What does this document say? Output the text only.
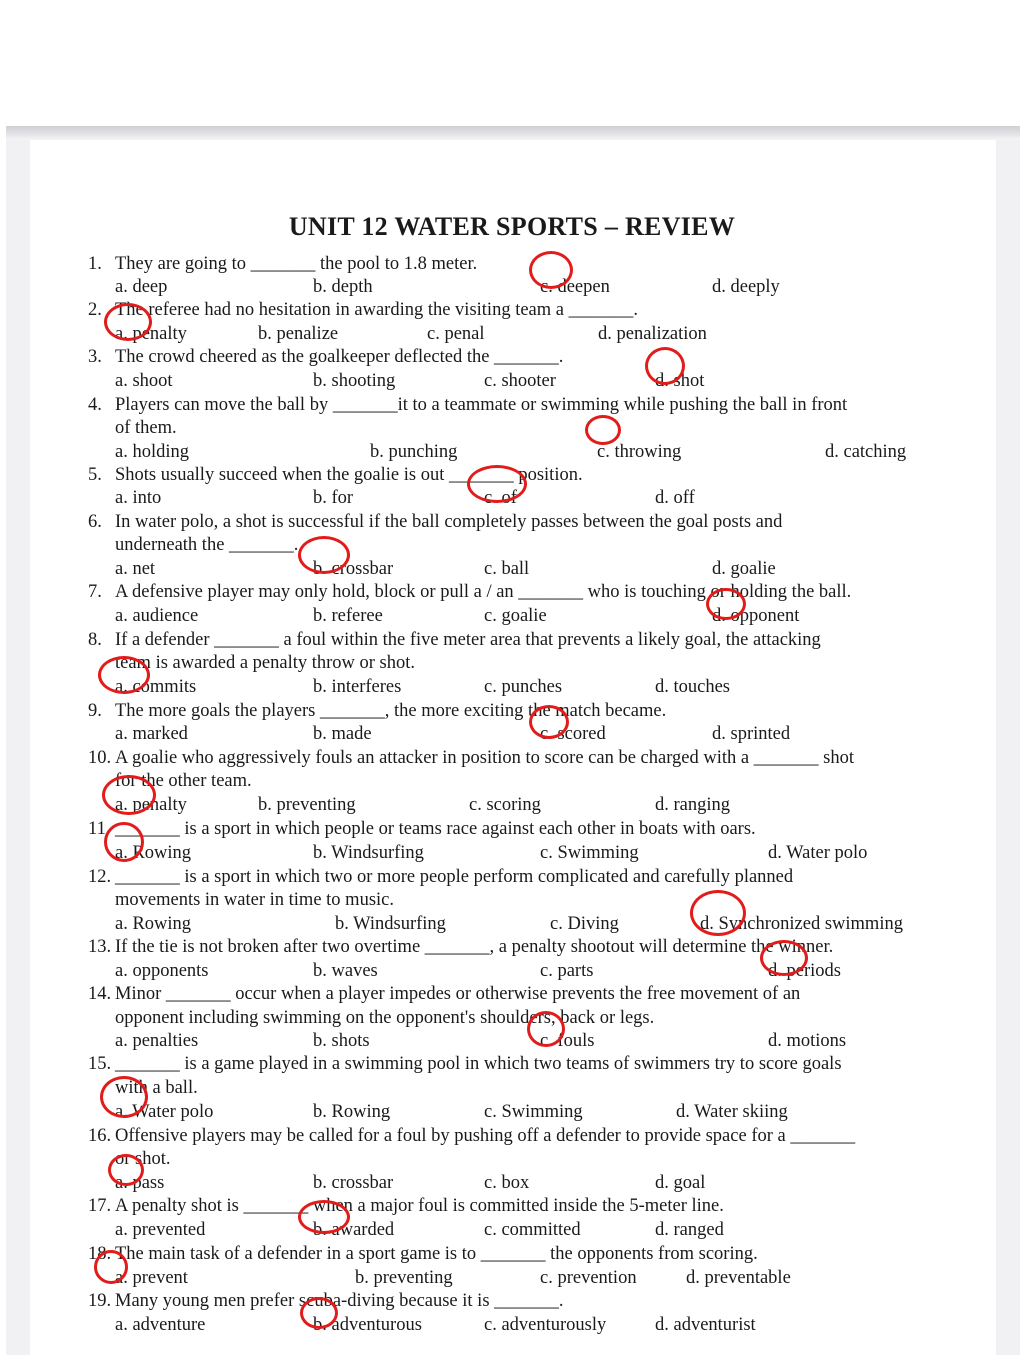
UNIT 12 WATER SPORTS – REVIEW
1. They are going to _______ the pool to 1.8 meter.
a. deep	b. depth	c. deepen	d. deeply
2. The referee had no hesitation in awarding the visiting team a _______.
a. penalty	b. penalize	c. penal	d. penalization
3. The crowd cheered as the goalkeeper deflected the _______.
a. shoot	b. shooting	c. shooter	d. shot
4. Players can move the ball by _______it to a teammate or swimming while pushing the ball in front
of them.
a. holding	b. punching	c. throwing	d. catching
5. Shots usually succeed when the goalie is out _______ position.
a. into	b. for	c. of	d. off
6. In water polo, a shot is successful if the ball completely passes between the goal posts and
underneath the _______.
a. net	b. crossbar	c. ball	d. goalie
7. A defensive player may only hold, block or pull a / an _______ who is touching or holding the ball.
a. audience	b. referee	c. goalie	d. opponent
8. If a defender _______ a foul within the five meter area that prevents a likely goal, the attacking
team is awarded a penalty throw or shot.
a. commits	b. interferes	c. punches	d. touches
9. The more goals the players _______, the more exciting the match became.
a. marked	b. made	c. scored	d. sprinted
10. A goalie who aggressively fouls an attacker in position to score can be charged with a _______ shot
for the other team.
a. penalty	b. preventing	c. scoring	d. ranging
11. _______ is a sport in which people or teams race against each other in boats with oars.
a. Rowing	b. Windsurfing	c. Swimming	d. Water polo
12. _______ is a sport in which two or more people perform complicated and carefully planned
movements in water in time to music.
a. Rowing	b. Windsurfing	c. Diving	d. Synchronized swimming
13. If the tie is not broken after two overtime _______, a penalty shootout will determine the winner.
a. opponents	b. waves	c. parts	d. periods
14. Minor _______ occur when a player impedes or otherwise prevents the free movement of an
opponent including swimming on the opponent's shoulders, back or legs.
a. penalties	b. shots	c. fouls	d. motions
15. _______ is a game played in a swimming pool in which two teams of swimmers try to score goals
with a ball.
a. Water polo	b. Rowing	c. Swimming	d. Water skiing
16. Offensive players may be called for a foul by pushing off a defender to provide space for a _______
or shot.
a. pass	b. crossbar	c. box	d. goal
17. A penalty shot is _______ when a major foul is committed inside the 5-meter line.
a. prevented	b. awarded	c. committed	d. ranged
18. The main task of a defender in a sport game is to _______ the opponents from scoring.
a. prevent	b. preventing	c. prevention	d. preventable
19. Many young men prefer scuba-diving because it is _______.
a. adventure	b. adventurous	c. adventurously	d. adventurist
